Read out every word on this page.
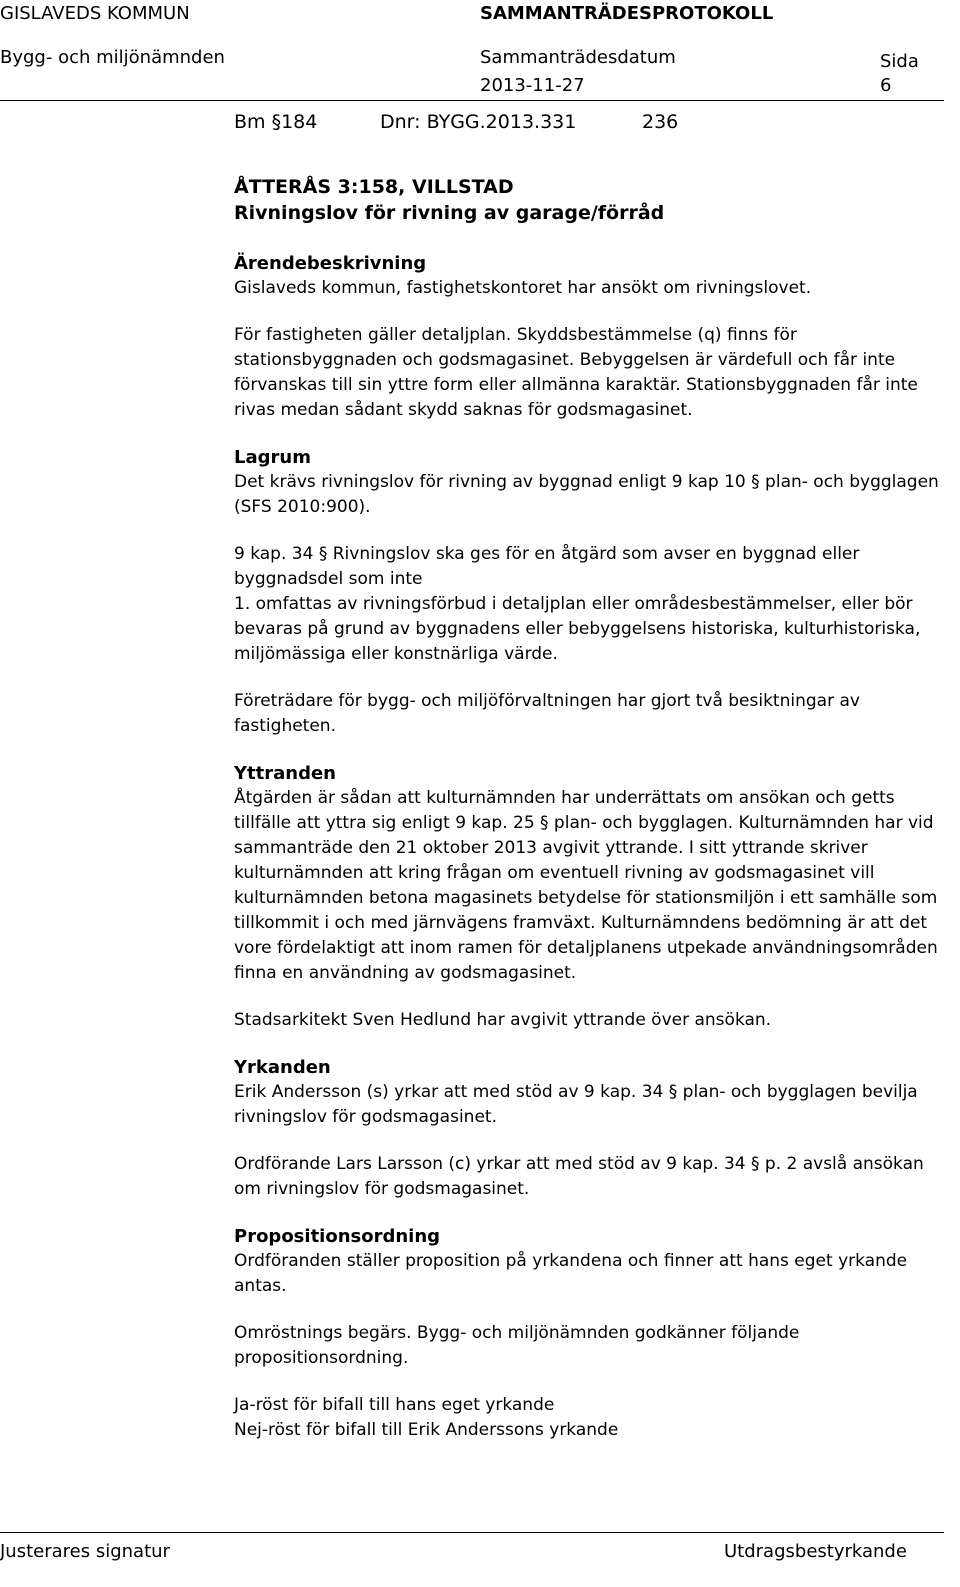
GISLAVEDS KOMMUN	SAMMANTRÄDESPROTOKOLL
Bygg- och miljönämnden	Sammanträdesdatum	Sida
2013-11-27	6
Bm §184	Dnr: BYGG.2013.331	236
ÅTTERÅS 3:158, VILLSTAD
Rivningslov för rivning av garage/förråd
Ärendebeskrivning
Gislaveds kommun, fastighetskontoret har ansökt om rivningslovet.
För fastigheten gäller detaljplan. Skyddsbestämmelse (q) finns för stationsbyggnaden och godsmagasinet. Bebyggelsen är värdefull och får inte förvanskas till sin yttre form eller allmänna karaktär. Stationsbyggnaden får inte rivas medan sådant skydd saknas för godsmagasinet.
Lagrum
Det krävs rivningslov för rivning av byggnad enligt 9 kap 10 § plan- och bygglagen (SFS 2010:900).
9 kap. 34 § Rivningslov ska ges för en åtgärd som avser en byggnad eller byggnadsdel som inte
1. omfattas av rivningsförbud i detaljplan eller områdesbestämmelser, eller bör bevaras på grund av byggnadens eller bebyggelsens historiska, kulturhistoriska, miljömässiga eller konstnärliga värde.
Företrädare för bygg- och miljöförvaltningen har gjort två besiktningar av fastigheten.
Yttranden
Åtgärden är sådan att kulturnämnden har underrättats om ansökan och getts tillfälle att yttra sig enligt 9 kap. 25 § plan- och bygglagen. Kulturnämnden har vid sammanträde den 21 oktober 2013 avgivit yttrande. I sitt yttrande skriver kulturnämnden att kring frågan om eventuell rivning av godsmagasinet vill kulturnämnden betona magasinets betydelse för stationsmiljön i ett samhälle som tillkommit i och med järnvägens framväxt. Kulturnämndens bedömning är att det vore fördelaktigt att inom ramen för detaljplanens utpekade användningsområden finna en användning av godsmagasinet.
Stadsarkitekt Sven Hedlund har avgivit yttrande över ansökan.
Yrkanden
Erik Andersson (s) yrkar att med stöd av 9 kap. 34 § plan- och bygglagen bevilja rivningslov för godsmagasinet.
Ordförande Lars Larsson (c) yrkar att med stöd av 9 kap. 34 § p. 2 avslå ansökan om rivningslov för godsmagasinet.
Propositionsordning
Ordföranden ställer proposition på yrkandena och finner att hans eget yrkande antas.
Omröstnings begärs. Bygg- och miljönämnden godkänner följande propositionsordning.
Ja-röst för bifall till hans eget yrkande
Nej-röst för bifall till Erik Anderssons yrkande
Justerares signatur	Utdragsbestyrkande
